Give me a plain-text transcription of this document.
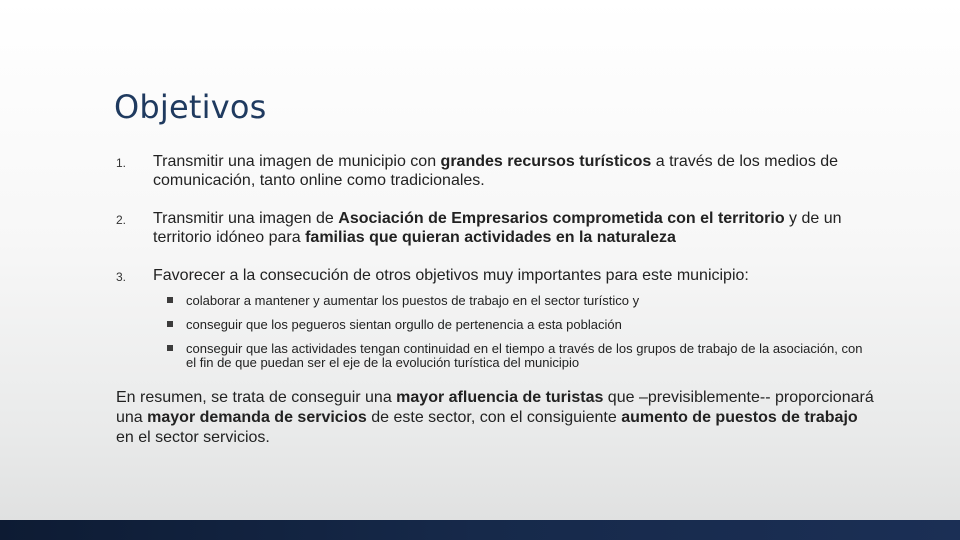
Objetivos
1. Transmitir una imagen de municipio con grandes recursos turísticos a través de los medios de comunicación, tanto online como tradicionales.
2. Transmitir una imagen de Asociación de Empresarios comprometida con el territorio y de un territorio idóneo para familias que quieran actividades en la naturaleza
3. Favorecer a la consecución de otros objetivos muy importantes para este municipio:
colaborar a mantener y aumentar los puestos de trabajo en el sector turístico y
conseguir que los pegueros sientan orgullo de pertenencia a esta población
conseguir que las actividades tengan continuidad en el tiempo a través de los grupos de trabajo de la asociación, con el fin de que puedan ser el eje de la evolución turística del municipio

En resumen, se trata de conseguir una mayor afluencia de turistas que –previsiblemente-- proporcionará una mayor demanda de servicios de este sector, con el consiguiente aumento de puestos de trabajo en el sector servicios.
